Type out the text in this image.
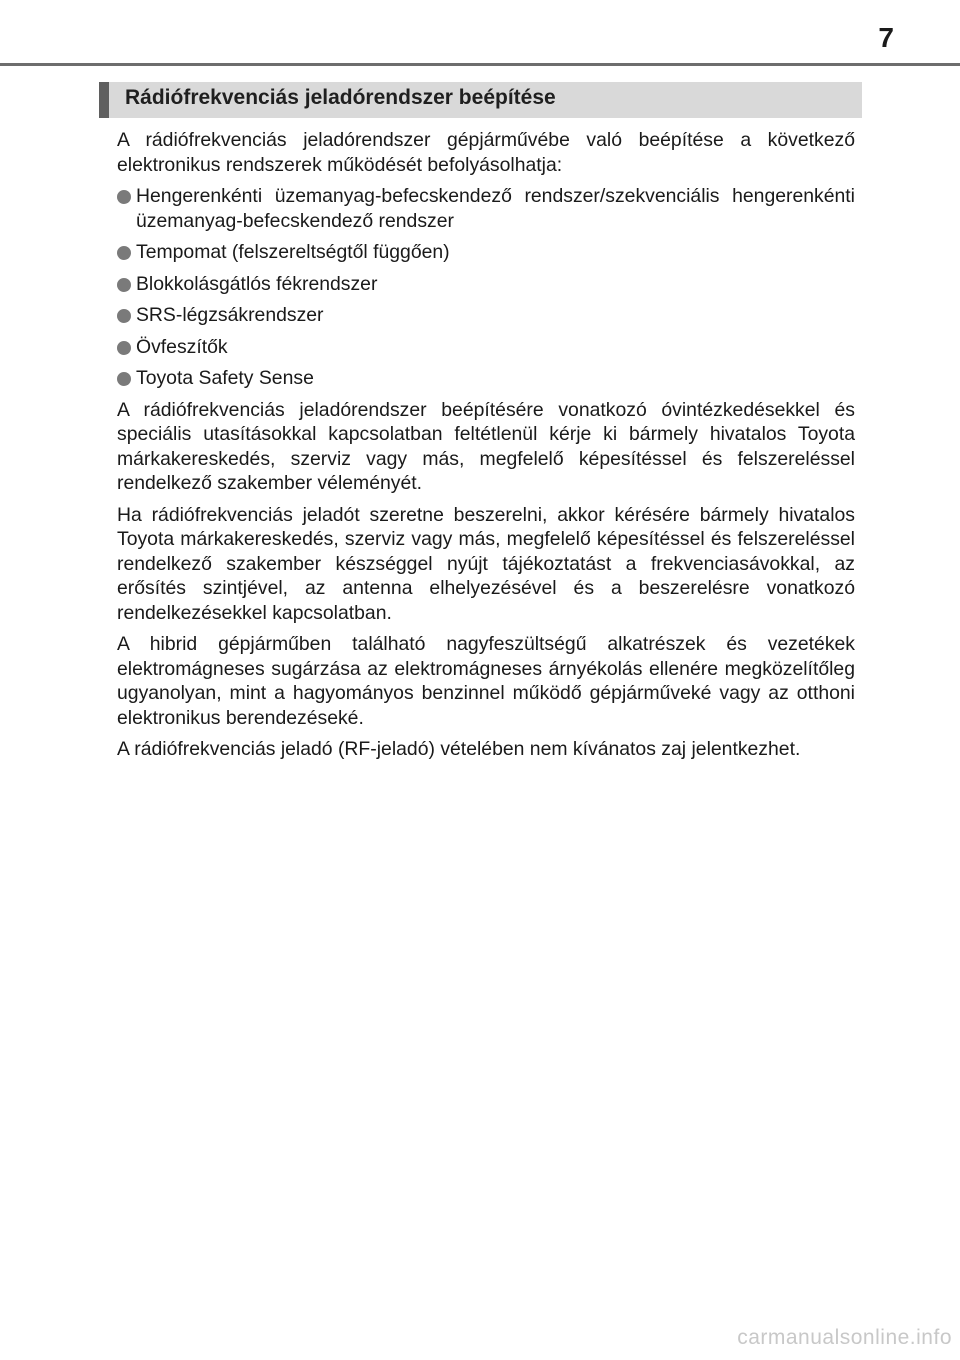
7
Rádiófrekvenciás jeladórendszer beépítése

A rádiófrekvenciás jeladórendszer gépjárművébe való beépítése a következő elektronikus rendszerek működését befolyásolhatja:

Hengerenkénti üzemanyag-befecskendező rendszer/szekvenciális hengerenkénti üzemanyag-befecskendező rendszer
Tempomat (felszereltségtől függően)
Blokkolásgátlós fékrendszer
SRS-légzsákrendszer
Övfeszítők
Toyota Safety Sense

A rádiófrekvenciás jeladórendszer beépítésére vonatkozó óvintézkedésekkel és speciális utasításokkal kapcsolatban feltétlenül kérje ki bármely hivatalos Toyota márkakereskedés, szerviz vagy más, megfelelő képesítéssel és felszereléssel rendelkező szakember véleményét.

Ha rádiófrekvenciás jeladót szeretne beszerelni, akkor kérésére bármely hivatalos Toyota márkakereskedés, szerviz vagy más, megfelelő képesítéssel és felszereléssel rendelkező szakember készséggel nyújt tájékoztatást a frekvenciasávokkal, az erősítés szintjével, az antenna elhelyezésével és a beszerelésre vonatkozó rendelkezésekkel kapcsolatban.

A hibrid gépjárműben található nagyfeszültségű alkatrészek és vezetékek elektromágneses sugárzása az elektromágneses árnyékolás ellenére megközelítőleg ugyanolyan, mint a hagyományos benzinnel működő gépjárműveké vagy az otthoni elektronikus berendezéseké.

A rádiófrekvenciás jeladó (RF-jeladó) vételében nem kívánatos zaj jelentkezhet.

carmanualsonline.info
